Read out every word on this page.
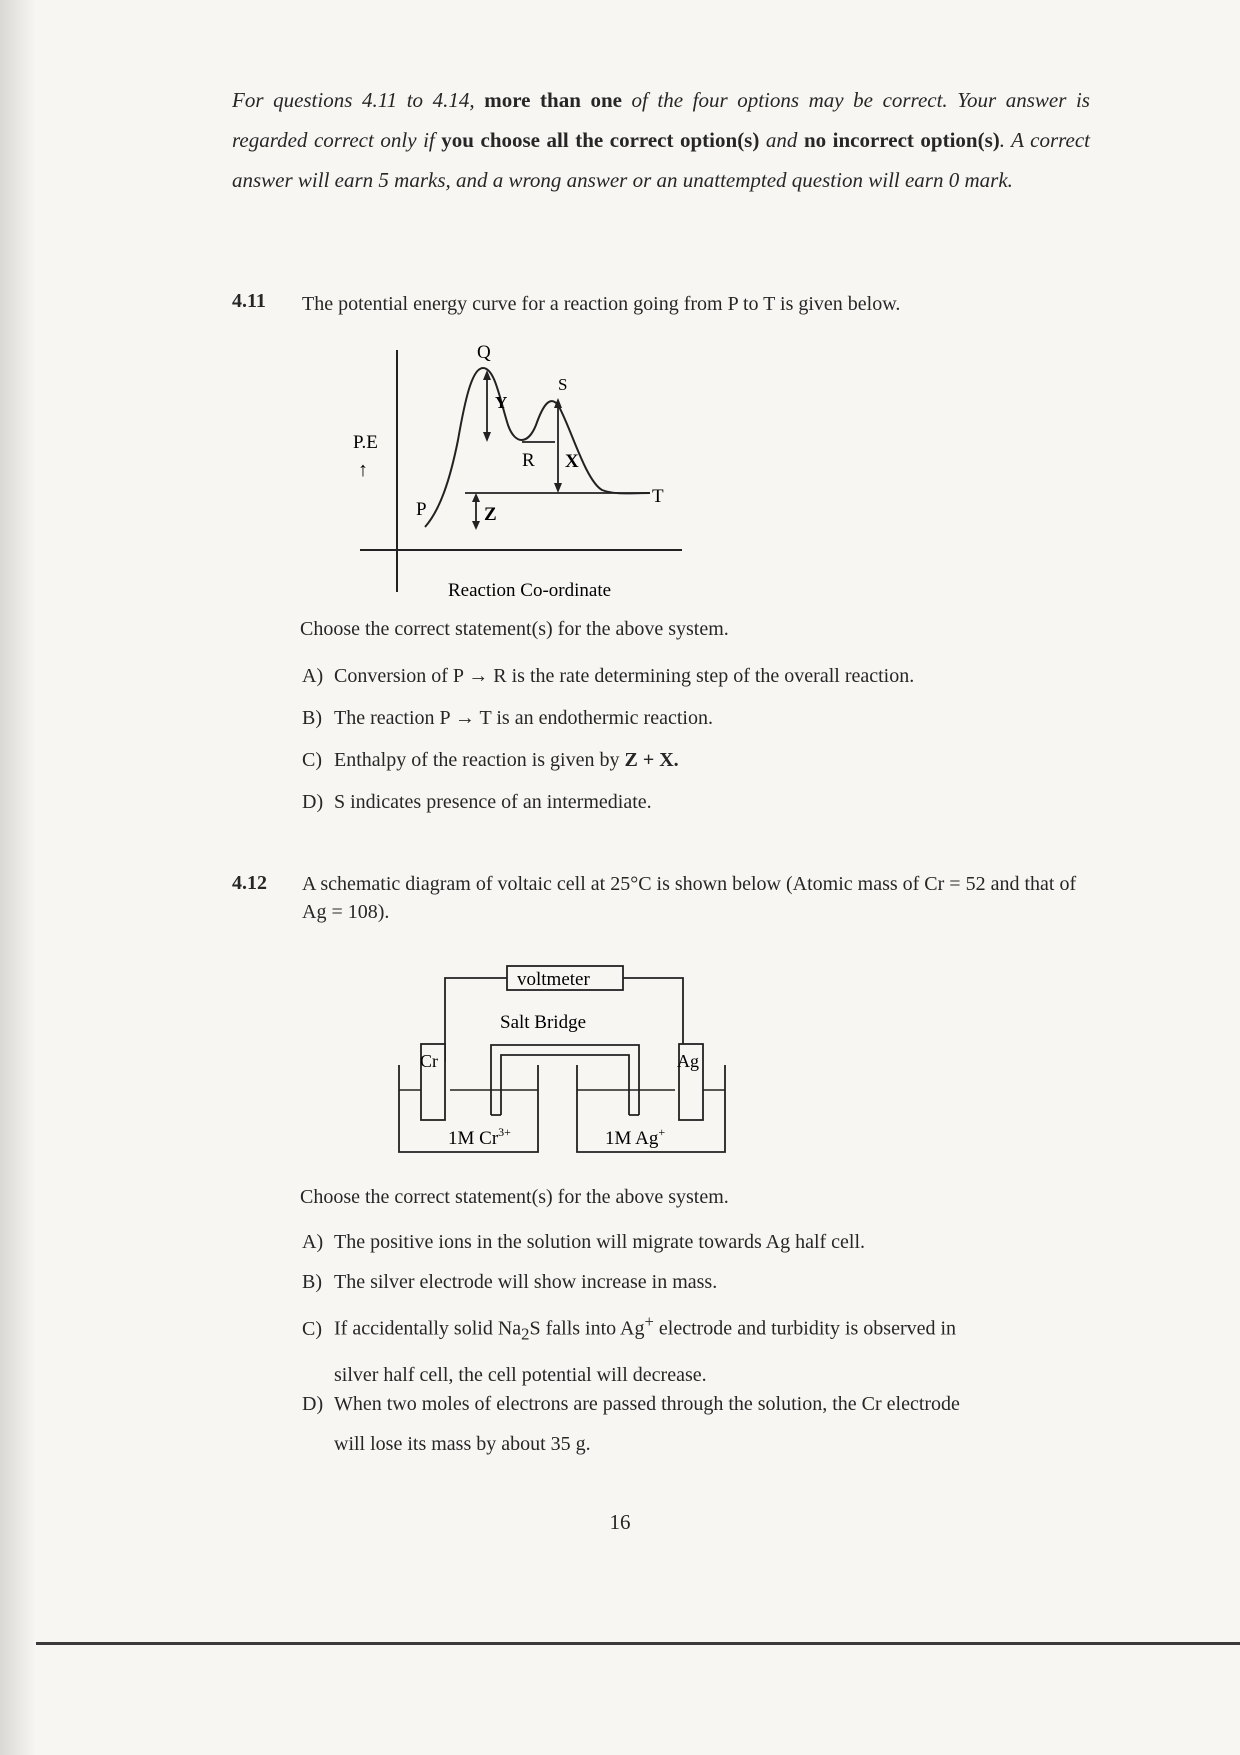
For questions 4.11 to 4.14, more than one of the four options may be correct. Your answer is regarded correct only if you choose all the correct option(s) and no incorrect option(s). A correct answer will earn 5 marks, and a wrong answer or an unattempted question will earn 0 mark.
4.11 The potential energy curve for a reaction going from P to T is given below.
Q
Y
S
R X
P	Z
T
P.E
↑
Reaction Co-ordinate
Choose the correct statement(s) for the above system.
A) Conversion of P → R is the rate determining step of the overall reaction.
B) The reaction P → T is an endothermic reaction.
C) Enthalpy of the reaction is given by Z + X.
D) S indicates presence of an intermediate.
4.12 A schematic diagram of voltaic cell at 25°C is shown below (Atomic mass of Cr = 52 and that of Ag = 108).
voltmeter
Salt Bridge
Cr	Ag
1M $Cr^{3+}$	1M Ag+
Choose the correct statement(s) for the above system.
A) The positive ions in the solution will migrate towards Ag half cell.
B) The silver electrode will show increase in mass.
C) If accidentally solid $Na_2S$ falls into Ag+ electrode and turbidity is observed in
silver half cell, the cell potential will decrease.
D) When two moles of electrons are passed through the solution, the Cr electrode
will lose its mass by about 35 g.
16
